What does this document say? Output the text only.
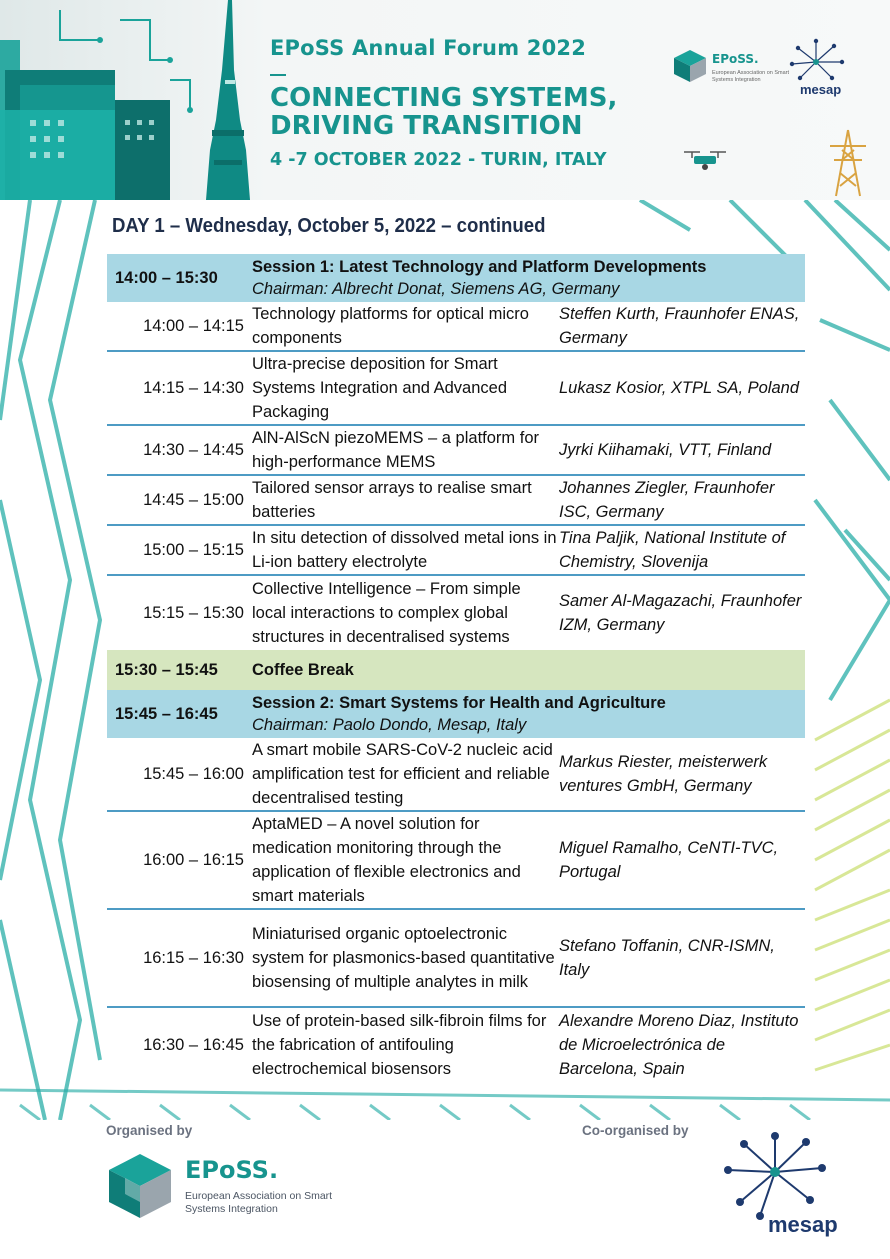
EPoSS Annual Forum 2022
CONNECTING SYSTEMS, DRIVING TRANSITION
4 -7 OCTOBER 2022 - TURIN, ITALY
EPoSS.
European Association on Smart Systems Integration
mesap
DAY 1 – Wednesday, October 5, 2022 – continued
14:00 – 15:30
Session 1: Latest Technology and Platform Developments
Chairman: Albrecht Donat, Siemens AG, Germany
14:00 – 14:15
Technology platforms for optical micro components
Steffen Kurth, Fraunhofer ENAS, Germany
14:15 – 14:30
Ultra-precise deposition for Smart Systems Integration and Advanced Packaging
Lukasz Kosior, XTPL SA, Poland
14:30 – 14:45
AlN-AlScN piezoMEMS – a platform for high-performance MEMS
Jyrki Kiihamaki, VTT, Finland
14:45 – 15:00
Tailored sensor arrays to realise smart batteries
Johannes Ziegler, Fraunhofer ISC, Germany
15:00 – 15:15
In situ detection of dissolved metal ions in Li-ion battery electrolyte
Tina Paljik, National Institute of Chemistry, Slovenija
15:15 – 15:30
Collective Intelligence – From simple local interactions to complex global structures in decentralised systems
Samer Al-Magazachi, Fraunhofer IZM, Germany
15:30 – 15:45	Coffee Break
15:45 – 16:45
Session 2: Smart Systems for Health and Agriculture
Chairman: Paolo Dondo, Mesap, Italy
15:45 – 16:00
A smart mobile SARS-CoV-2 nucleic acid amplification test for efficient and reliable decentralised testing
Markus Riester, meisterwerk ventures GmbH, Germany
16:00 – 16:15
AptaMED – A novel solution for medication monitoring through the application of flexible electronics and smart materials
Miguel Ramalho, CeNTI-TVC, Portugal
16:15 – 16:30
Miniaturised organic optoelectronic system for plasmonics-based quantitative biosensing of multiple analytes in milk
Stefano Toffanin, CNR-ISMN, Italy
16:30 – 16:45
Use of protein-based silk-fibroin films for the fabrication of antifouling electrochemical biosensors
Alexandre Moreno Diaz, Instituto de Microelectrónica de Barcelona, Spain
Organised by	Co-organised by
EPoSS.
European Association on Smart Systems Integration
mesap
